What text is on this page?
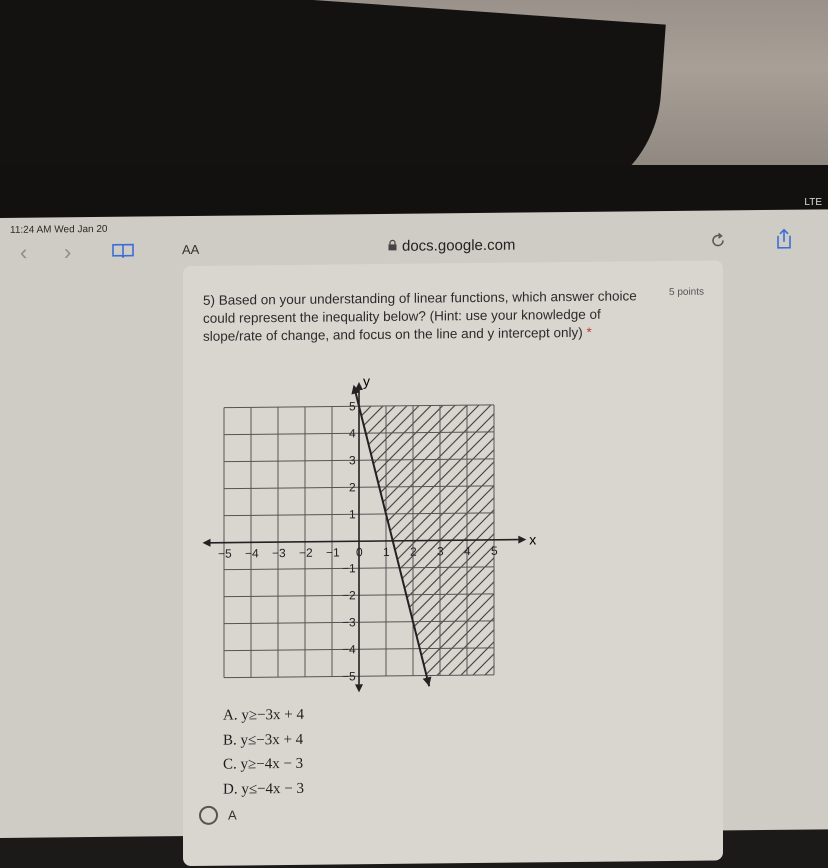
LTE
11:24 AM Wed Jan 20
‹ ›	AA	docs.google.com
5) Based on your understanding of linear functions, which answer choice could represent the inequality below? (Hint: use your knowledge of slope/rate of change, and focus on the line and y intercept only) *
5 points
−5 −4 −3 −2 −1 0 1 2 3 4 5
1
2
3
4
5
−1
−2
−3
−4
−5
x
y
A. y≥−3x + 4
B. y≤−3x + 4
C. y≥−4x − 3
D. y≤−4x − 3
A
